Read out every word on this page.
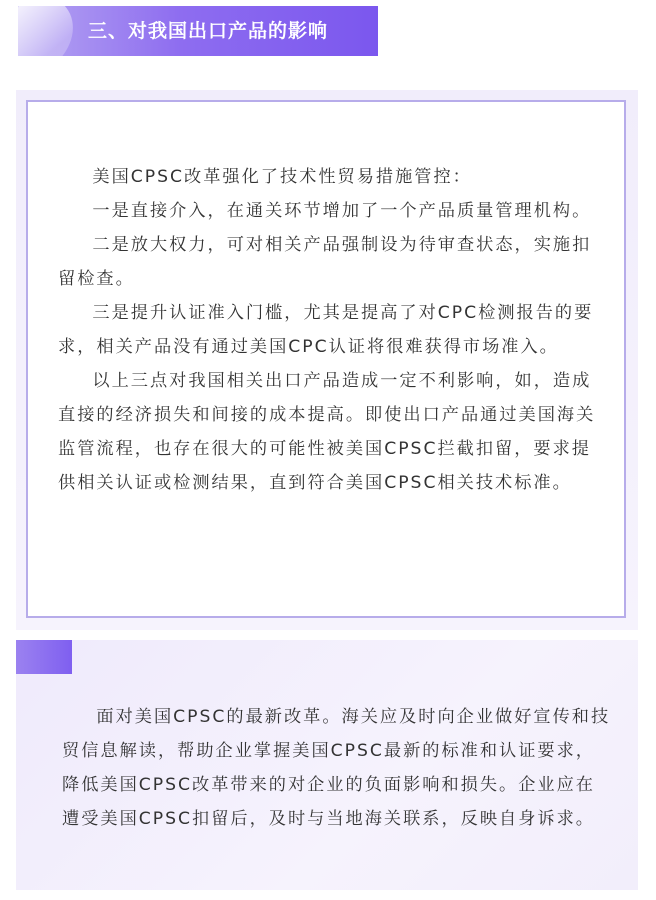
三、对我国出口产品的影响

美国CPSC改革强化了技术性贸易措施管控：

一是直接介入，在通关环节增加了一个产品质量管理机构。

二是放大权力，可对相关产品强制设为待审查状态，实施扣留检查。

三是提升认证准入门槛，尤其是提高了对CPC检测报告的要求，相关产品没有通过美国CPC认证将很难获得市场准入。

以上三点对我国相关出口产品造成一定不利影响，如，造成直接的经济损失和间接的成本提高。即使出口产品通过美国海关监管流程，也存在很大的可能性被美国CPSC拦截扣留，要求提供相关认证或检测结果，直到符合美国CPSC相关技术标准。

面对美国CPSC的最新改革。海关应及时向企业做好宣传和技贸信息解读，帮助企业掌握美国CPSC最新的标准和认证要求，降低美国CPSC改革带来的对企业的负面影响和损失。企业应在遭受美国CPSC扣留后，及时与当地海关联系，反映自身诉求。
